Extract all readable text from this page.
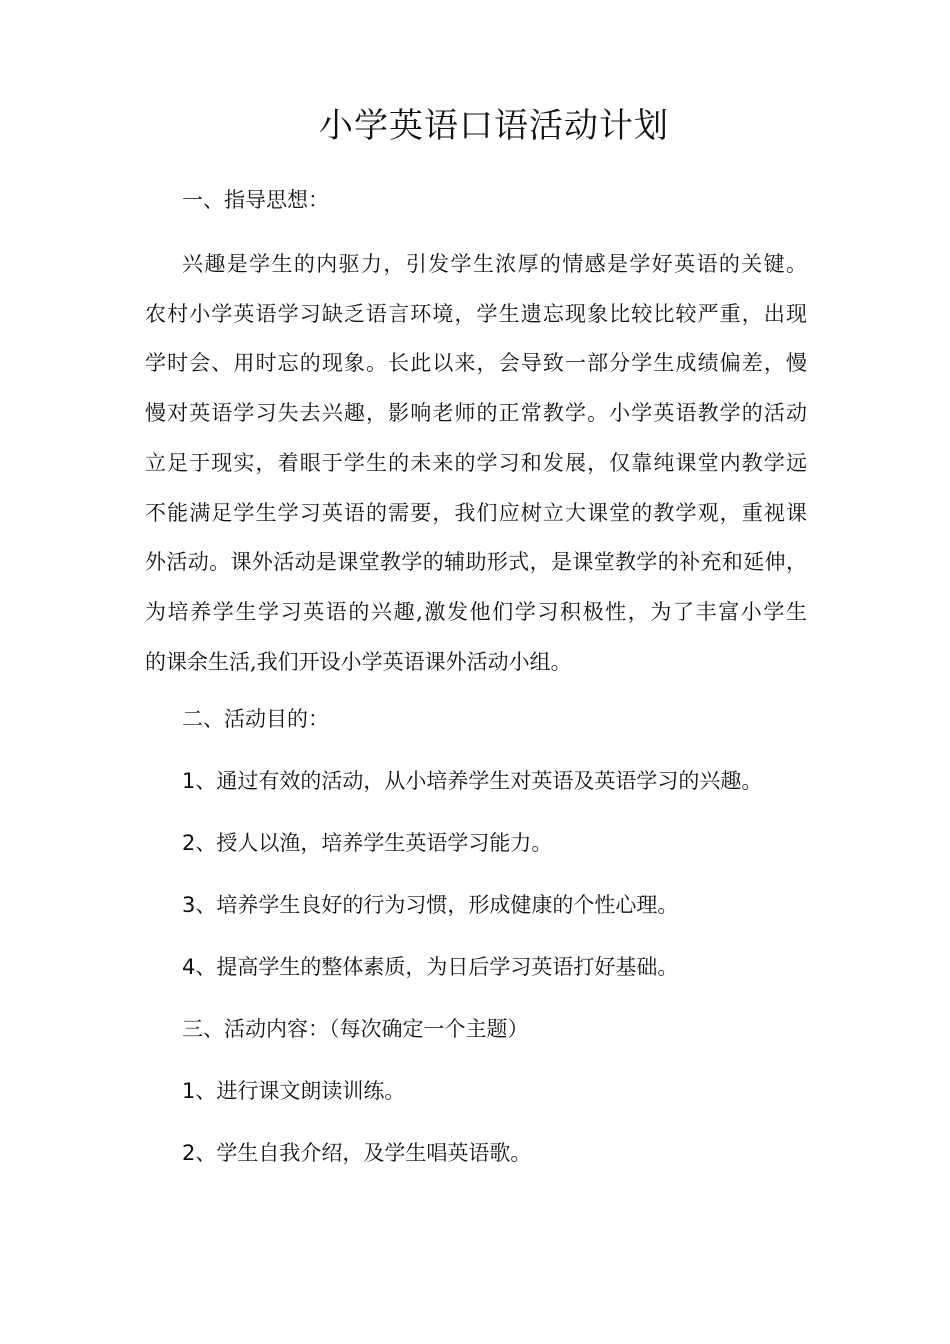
小学英语口语活动计划

一、指导思想：

兴趣是学生的内驱力，引发学生浓厚的情感是学好英语的关键。
农村小学英语学习缺乏语言环境，学生遗忘现象比较比较严重，出现
学时会、用时忘的现象。长此以来，会导致一部分学生成绩偏差，慢
慢对英语学习失去兴趣，影响老师的正常教学。小学英语教学的活动
立足于现实，着眼于学生的未来的学习和发展，仅靠纯课堂内教学远
不能满足学生学习英语的需要，我们应树立大课堂的教学观，重视课
外活动。课外活动是课堂教学的辅助形式，是课堂教学的补充和延伸，
为培养学生学习英语的兴趣,激发他们学习积极性，为了丰富小学生
的课余生活,我们开设小学英语课外活动小组。

二、活动目的：

1、通过有效的活动，从小培养学生对英语及英语学习的兴趣。

2、授人以渔，培养学生英语学习能力。

3、培养学生良好的行为习惯，形成健康的个性心理。

4、提高学生的整体素质，为日后学习英语打好基础。

三、活动内容：（每次确定一个主题）

1、进行课文朗读训练。

2、学生自我介绍，及学生唱英语歌。
